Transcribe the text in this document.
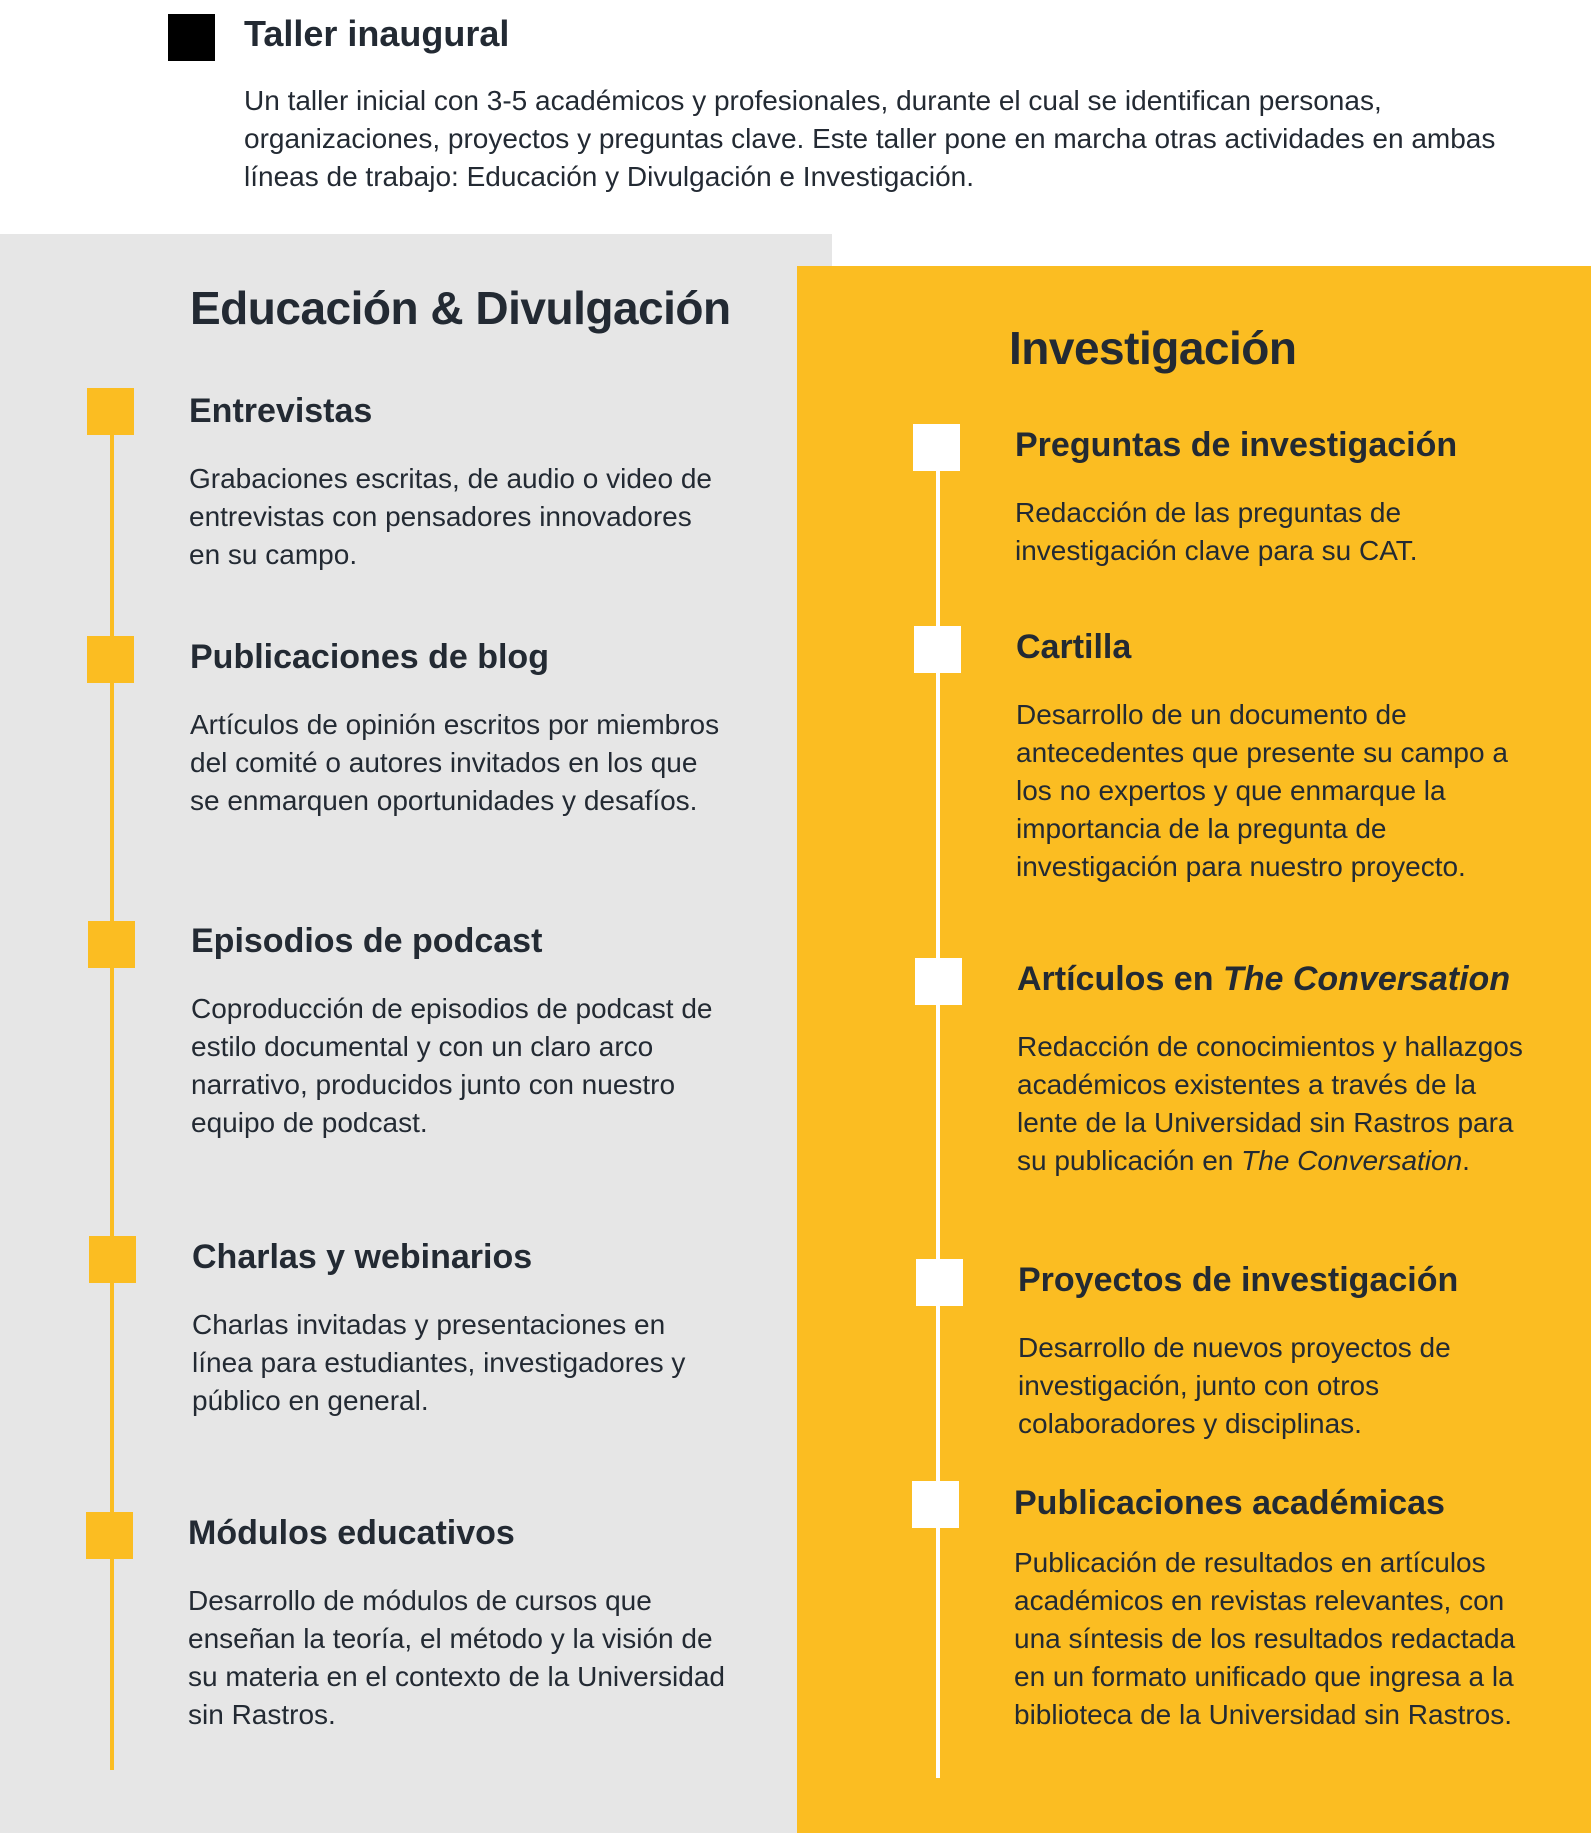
Taller inaugural

Un taller inicial con 3-5 académicos y profesionales, durante el cual se identifican personas, organizaciones, proyectos y preguntas clave. Este taller pone en marcha otras actividades en ambas líneas de trabajo: Educación y Divulgación e Investigación.

Educación & Divulgación
Entrevistas

Grabaciones escritas, de audio o video de entrevistas con pensadores innovadores en su campo.

Publicaciones de blog

Artículos de opinión escritos por miembros del comité o autores invitados en los que se enmarquen oportunidades y desafíos.

Episodios de podcast

Coproducción de episodios de podcast de estilo documental y con un claro arco narrativo, producidos junto con nuestro equipo de podcast.

Charlas y webinarios

Charlas invitadas y presentaciones en línea para estudiantes, investigadores y público en general.

Módulos educativos

Desarrollo de módulos de cursos que enseñan la teoría, el método y la visión de su materia en el contexto de la Universidad sin Rastros.

Investigación
Preguntas de investigación

Redacción de las preguntas de investigación clave para su CAT.

Cartilla

Desarrollo de un documento de antecedentes que presente su campo a los no expertos y que enmarque la importancia de la pregunta de investigación para nuestro proyecto.

Artículos en The Conversation

Redacción de conocimientos y hallazgos académicos existentes a través de la lente de la Universidad sin Rastros para su publicación en The Conversation.

Proyectos de investigación

Desarrollo de nuevos proyectos de investigación, junto con otros colaboradores y disciplinas.

Publicaciones académicas

Publicación de resultados en artículos académicos en revistas relevantes, con una síntesis de los resultados redactada en un formato unificado que ingresa a la biblioteca de la Universidad sin Rastros.
